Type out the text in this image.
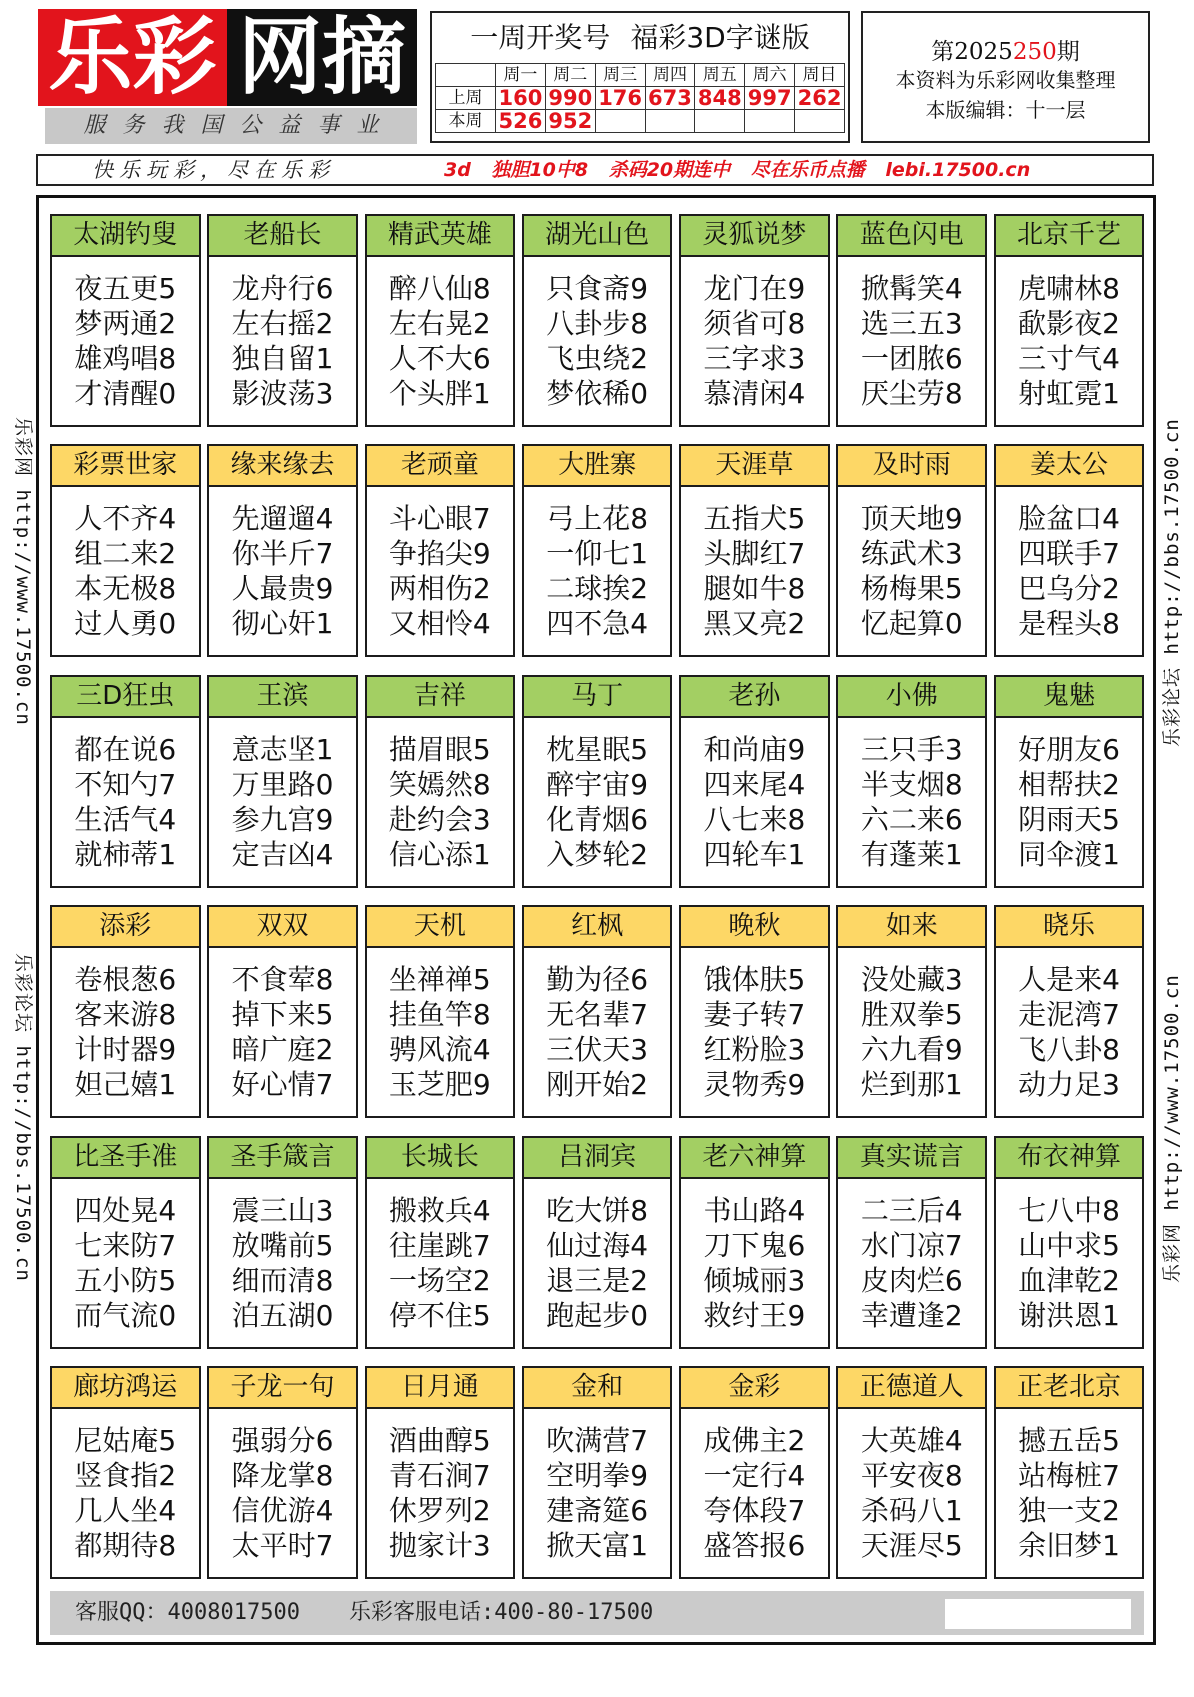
乐彩 网摘
服务我国公益事业
一周开奖号 福彩3D字谜版
	周一	周二	周三	周四	周五	周六	周日
上周	160	990	176	673	848	997	262
本周	526	952					
第2025250期
本资料为乐彩网收集整理
本版编辑：十一层
快乐玩彩，尽在乐彩	3d 独胆10中8 杀码20期连中 尽在乐币点播 lebi.17500.cn
乐彩网 http://www.17500.cn
乐彩论坛 http://bbs.17500.cn
乐彩论坛 http://bbs.17500.cn
乐彩网 http://www.17500.cn
太湖钓叟
夜五更5
梦两通2
雄鸡唱8
才清醒0
老船长
龙舟行6
左右摇2
独自留1
影波荡3
精武英雄
醉八仙8
左右晃2
人不大6
个头胖1
湖光山色
只食斋9
八卦步8
飞虫绕2
梦依稀0
灵狐说梦
龙门在9
须省可8
三字求3
慕清闲4
蓝色闪电
掀髯笑4
选三五3
一团脓6
厌尘劳8
北京千艺
虎啸林8
歃影夜2
三寸气4
射虹霓1
彩票世家
人不齐4
组二来2
本无极8
过人勇0
缘来缘去
先遛遛4
你半斤7
人最贵9
彻心奸1
老顽童
斗心眼7
争掐尖9
两相伤2
又相怜4
大胜寨
弓上花8
一仰七1
二球挨2
四不急4
天涯草
五指犬5
头脚红7
腿如牛8
黑又亮2
及时雨
顶天地9
练武术3
杨梅果5
忆起算0
姜太公
脸盆口4
四联手7
巴乌分2
是程头8
三D狂虫
都在说6
不知勺7
生活气4
就柿蒂1
王滨
意志坚1
万里路0
参九宫9
定吉凶4
吉祥
描眉眼5
笑嫣然8
赴约会3
信心添1
马丁
枕星眠5
醉宇宙9
化青烟6
入梦轮2
老孙
和尚庙9
四来尾4
八七来8
四轮车1
小佛
三只手3
半支烟8
六二来6
有蓬莱1
鬼魅
好朋友6
相帮扶2
阴雨天5
同伞渡1
添彩
卷根葱6
客来游8
计时器9
妲己嬉1
双双
不食荤8
掉下来5
暗广庭2
好心情7
天机
坐禅禅5
挂鱼竿8
骋风流4
玉芝肥9
红枫
勤为径6
无名辈7
三伏天3
刚开始2
晚秋
饿体肤5
妻子转7
红粉脸3
灵物秀9
如来
没处藏3
胜双拳5
六九看9
烂到那1
晓乐
人是来4
走泥湾7
飞八卦8
动力足3
比圣手准
四处晃4
七来防7
五小防5
而气流0
圣手箴言
震三山3
放嘴前5
细而清8
泊五湖0
长城长
搬救兵4
往崖跳7
一场空2
停不住5
吕洞宾
吃大饼8
仙过海4
退三是2
跑起步0
老六神算
书山路4
刀下鬼6
倾城丽3
救纣王9
真实谎言
二三后4
水门凉7
皮肉烂6
幸遭逢2
布衣神算
七八中8
山中求5
血津乾2
谢洪恩1
廊坊鸿运
尼姑庵5
竖食指2
几人坐4
都期待8
子龙一句
强弱分6
降龙掌8
信优游4
太平时7
日月通
酒曲醇5
青石涧7
休罗列2
抛家计3
金和
吹满营7
空明拳9
建斋筵6
掀天富1
金彩
成佛主2
一定行4
夸体段7
盛答报6
正德道人
大英雄4
平安夜8
杀码八1
天涯尽5
正老北京
撼五岳5
站梅桩7
独一支2
余旧梦1
客服QQ：4008017500 乐彩客服电话:400-80-17500
